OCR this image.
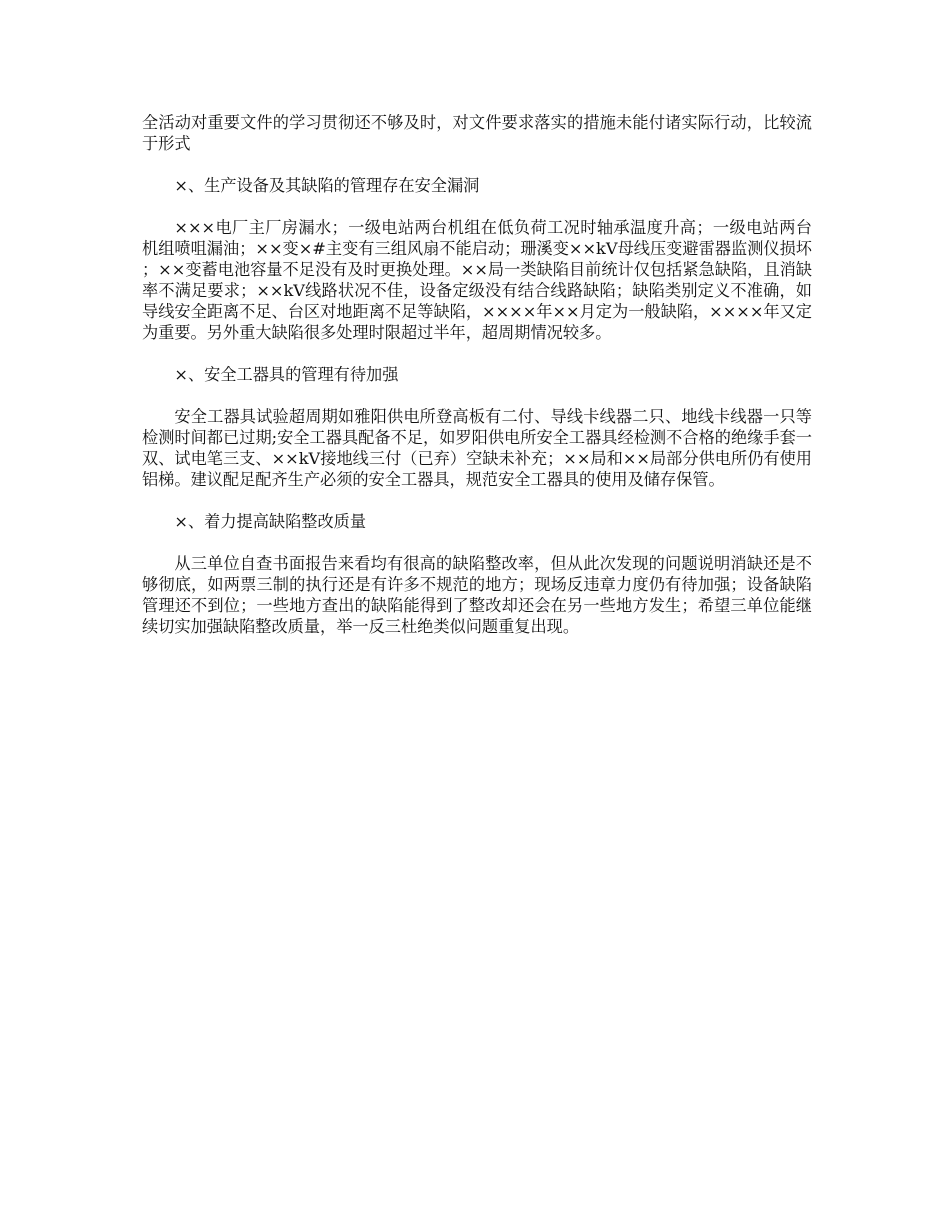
全活动对重要文件的学习贯彻还不够及时，对文件要求落实的措施未能付诸实际行动，比较流于形式

×、生产设备及其缺陷的管理存在安全漏洞

×××电厂主厂房漏水；一级电站两台机组在低负荷工况时轴承温度升高；一级电站两台机组喷咀漏油；××变×#主变有三组风扇不能启动；珊溪变××kV母线压变避雷器监测仪损坏；××变蓄电池容量不足没有及时更换处理。××局一类缺陷目前统计仅包括紧急缺陷，且消缺率不满足要求；××kV线路状况不佳，设备定级没有结合线路缺陷；缺陷类别定义不准确，如导线安全距离不足、台区对地距离不足等缺陷，××××年××月定为一般缺陷，××××年又定为重要。另外重大缺陷很多处理时限超过半年，超周期情况较多。

×、安全工器具的管理有待加强

安全工器具试验超周期如雅阳供电所登高板有二付、导线卡线器二只、地线卡线器一只等检测时间都已过期;安全工器具配备不足，如罗阳供电所安全工器具经检测不合格的绝缘手套一双、试电笔三支、××kV接地线三付（已弃）空缺未补充；××局和××局部分供电所仍有使用铝梯。建议配足配齐生产必须的安全工器具，规范安全工器具的使用及储存保管。

×、着力提高缺陷整改质量

从三单位自查书面报告来看均有很高的缺陷整改率，但从此次发现的问题说明消缺还是不够彻底，如两票三制的执行还是有许多不规范的地方；现场反违章力度仍有待加强；设备缺陷管理还不到位；一些地方查出的缺陷能得到了整改却还会在另一些地方发生；希望三单位能继续切实加强缺陷整改质量，举一反三杜绝类似问题重复出现。
